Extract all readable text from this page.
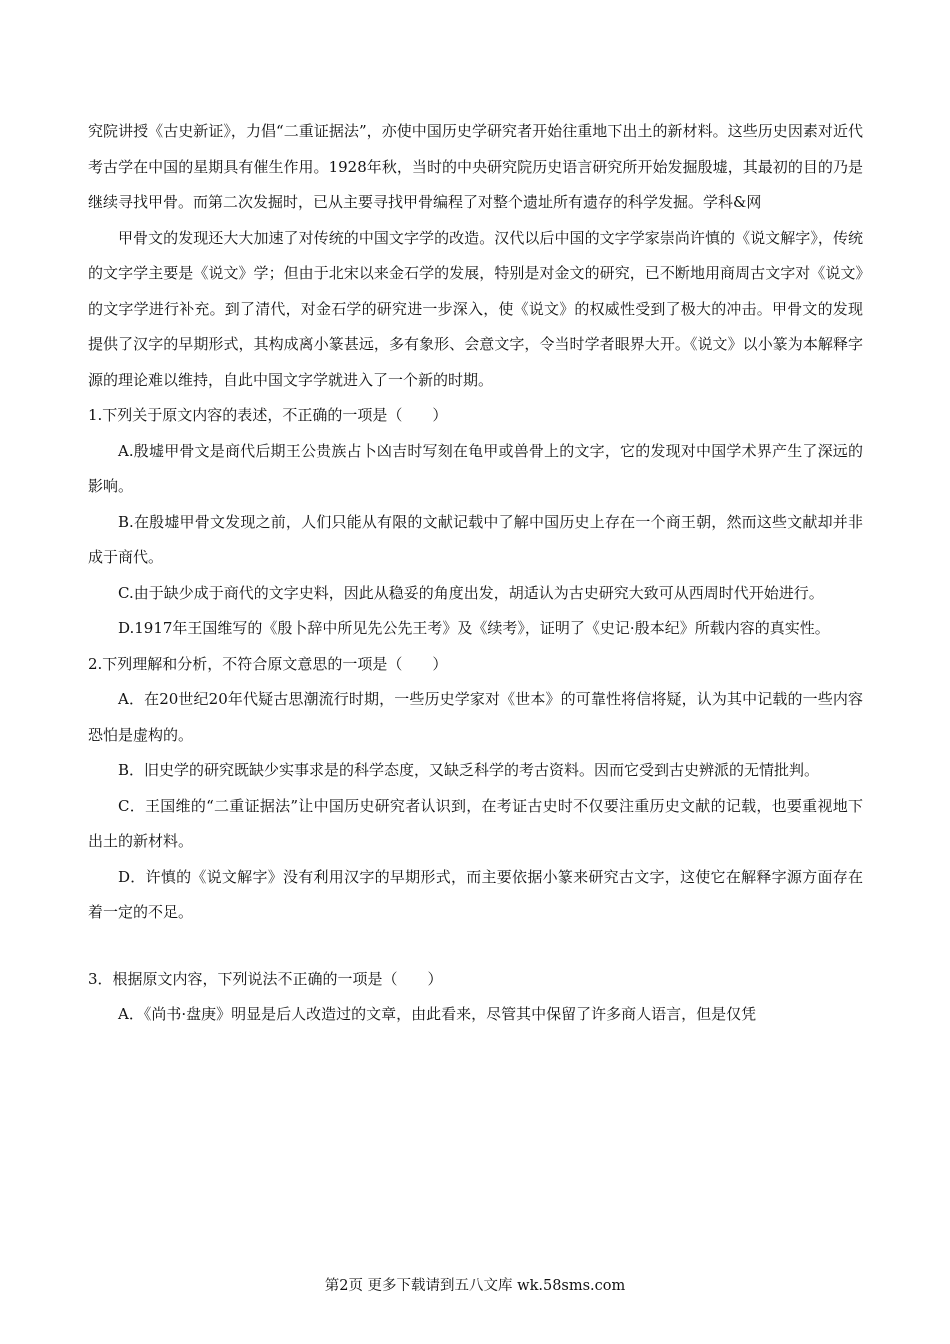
究院讲授《古史新证》，力倡“二重证据法”，亦使中国历史学研究者开始往重地下出土的新材料。这些历史因素对近代考古学在中国的星期具有催生作用。1928年秋，当时的中央研究院历史语言研究所开始发掘殷墟，其最初的目的乃是继续寻找甲骨。而第二次发掘时，已从主要寻找甲骨编程了对整个遗址所有遗存的科学发掘。学科&网

甲骨文的发现还大大加速了对传统的中国文字学的改造。汉代以后中国的文字学家崇尚许慎的《说文解字》，传统的文字学主要是《说文》学；但由于北宋以来金石学的发展，特别是对金文的研究，已不断地用商周古文字对《说文》的文字学进行补充。到了清代，对金石学的研究进一步深入，使《说文》的权威性受到了极大的冲击。甲骨文的发现提供了汉字的早期形式，其构成离小篆甚远，多有象形、会意文字，令当时学者眼界大开。《说文》以小篆为本解释字源的理论难以维持，自此中国文字学就进入了一个新的时期。

1.下列关于原文内容的表述，不正确的一项是（　　）

A.殷墟甲骨文是商代后期王公贵族占卜凶吉时写刻在龟甲或兽骨上的文字，它的发现对中国学术界产生了深远的影响。

B.在殷墟甲骨文发现之前，人们只能从有限的文献记载中了解中国历史上存在一个商王朝，然而这些文献却并非成于商代。

C.由于缺少成于商代的文字史料，因此从稳妥的角度出发，胡适认为古史研究大致可从西周时代开始进行。

D.1917年王国维写的《殷卜辞中所见先公先王考》及《续考》，证明了《史记·殷本纪》所载内容的真实性。

2.下列理解和分析，不符合原文意思的一项是（　　）

A．在20世纪20年代疑古思潮流行时期，一些历史学家对《世本》的可靠性将信将疑，认为其中记载的一些内容恐怕是虚构的。

B．旧史学的研究既缺少实事求是的科学态度，又缺乏科学的考古资料。因而它受到古史辨派的无情批判。

C．王国维的“二重证据法”让中国历史研究者认识到，在考证古史时不仅要注重历史文献的记载，也要重视地下出土的新材料。

D．许慎的《说文解字》没有利用汉字的早期形式，而主要依据小篆来研究古文字，这使它在解释字源方面存在着一定的不足。

3．根据原文内容，下列说法不正确的一项是（　　）

A．《尚书·盘庚》明显是后人改造过的文章，由此看来，尽管其中保留了许多商人语言，但是仅凭

第2页 更多下载请到五八文库 wk.58sms.com
